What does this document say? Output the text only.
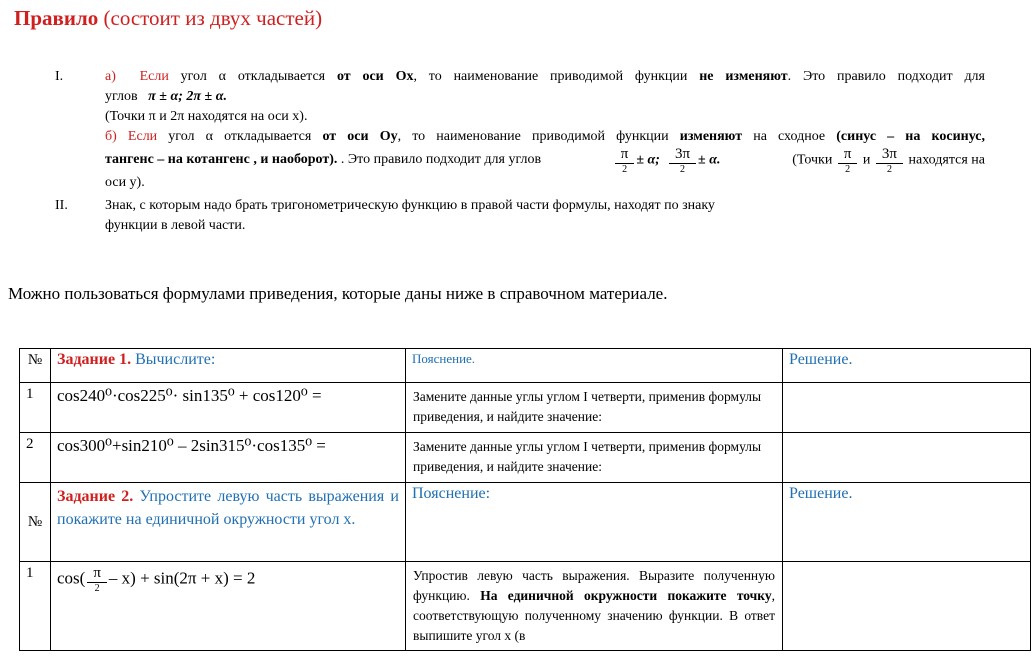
Правило (состоит из двух частей)
I.	а) Если угол α откладывается от оси Ох, то наименование приводимой функции не изменяют. Это правило подходит для
углов π ± α; 2π ± α.
(Точки π и 2π находятся на оси х).
б) Если угол α откладывается от оси Оу, то наименование приводимой функции изменяют на сходное (синус – на косинус,
тангенс – на котангенс , и наоборот). . Это правило подходит для углов	$\frac{\pi}{2} \pm \alpha$; $\frac{3\pi}{2} \pm \alpha$.	(Точки $\frac{\pi}{2}$ и $\frac{3\pi}{2}$ находятся на
оси у).
II.	Знак, с которым надо брать тригонометрическую функцию в правой части формулы, находят по знаку
функции в левой части.
Можно пользоваться формулами приведения, которые даны ниже в справочном материале.
№	Задание 1. Вычислите:	Пояснение.	Решение.
1	cos240⁰·cos225⁰· sin135⁰ + cos120⁰ =	Замените данные углы углом I четверти, применив формулы приведения, и найдите значение:	
2	cos300⁰+sin210⁰ – 2sin315⁰·cos135⁰ =	Замените данные углы углом I четверти, применив формулы приведения, и найдите значение:	
№	Задание 2. Упростите левую часть выражения и покажите на единичной окружности угол х.	Пояснение:	Решение.
1	$\cos( \frac{\pi}{2} - x) + \sin(2\pi + x) = 2$	Упростив левую часть выражения. Выразите полученную функцию. На единичной окружности покажите точку, соответствующую полученному значению функции. В ответ выпишите угол х (в	
